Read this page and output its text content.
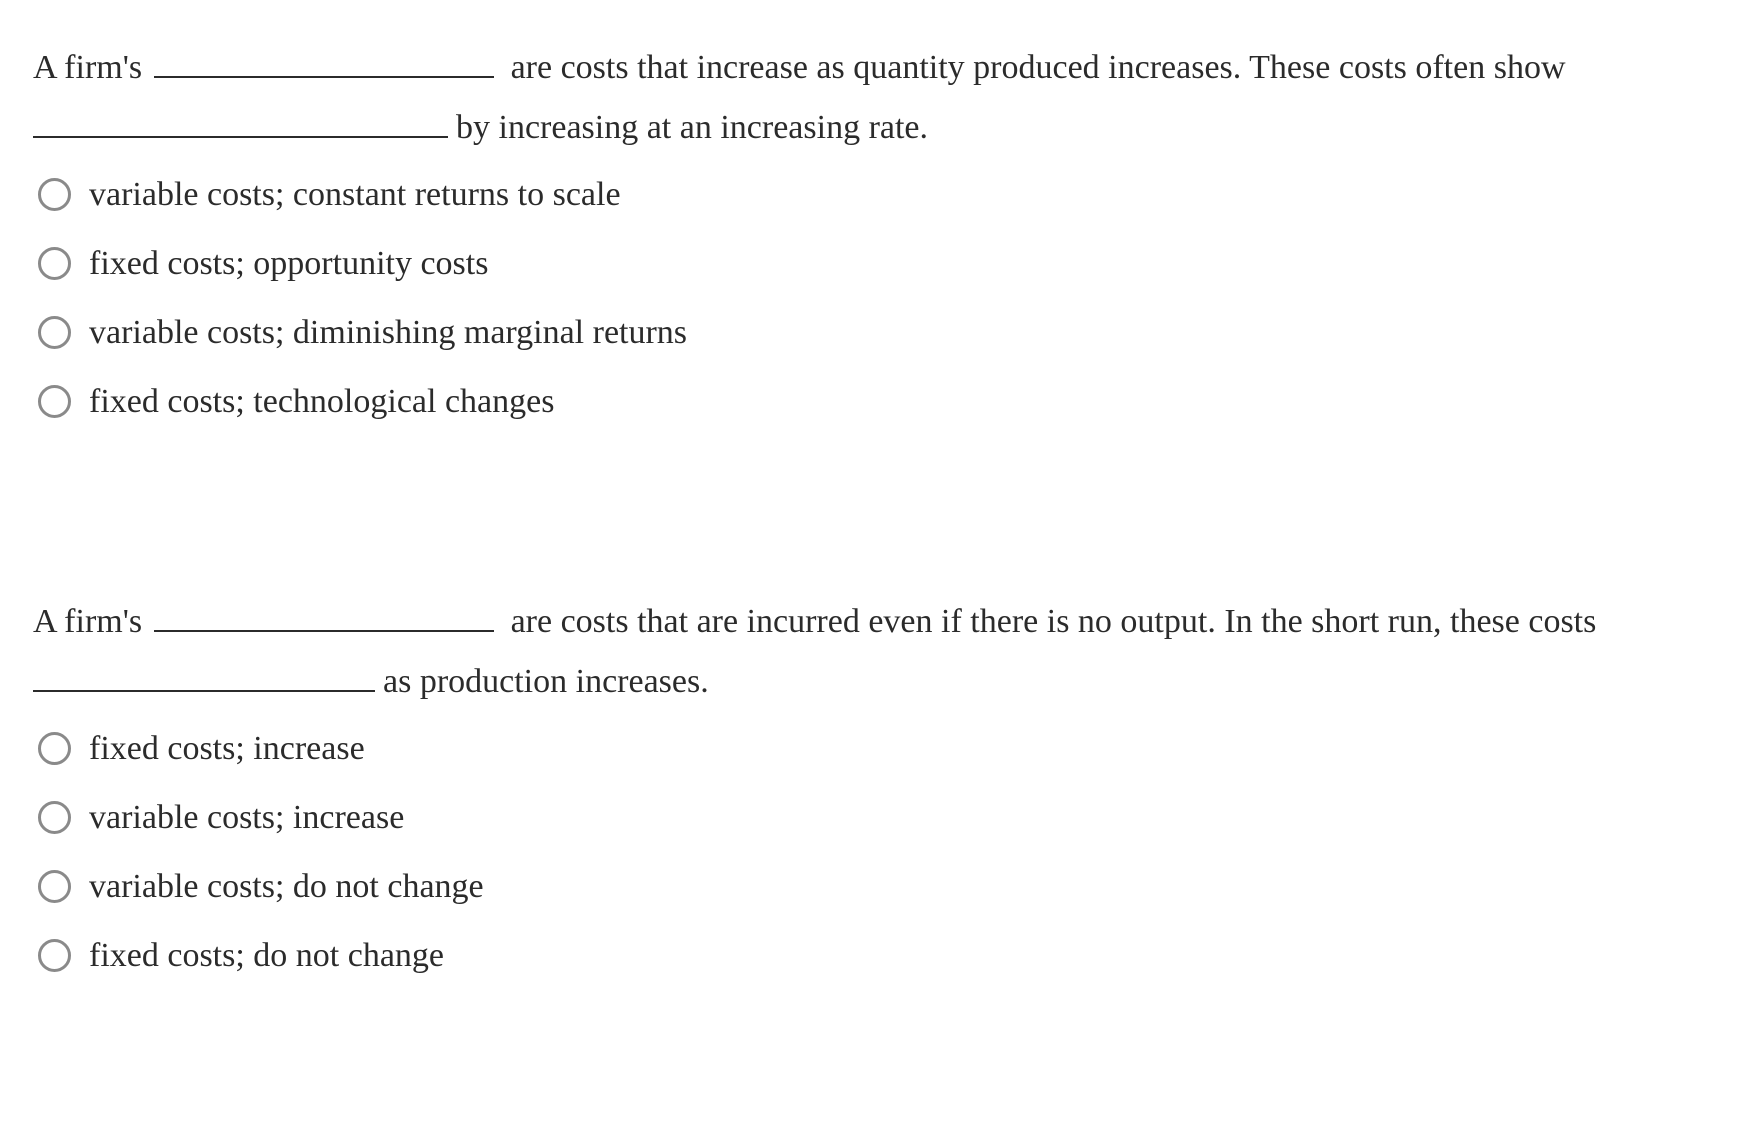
A firm's	are costs that increase as quantity produced increases. These costs often show
by increasing at an increasing rate.

variable costs; constant returns to scale
fixed costs; opportunity costs
variable costs; diminishing marginal returns
fixed costs; technological changes

A firm's	are costs that are incurred even if there is no output. In the short run, these costs
as production increases.

fixed costs; increase
variable costs; increase
variable costs; do not change
fixed costs; do not change
